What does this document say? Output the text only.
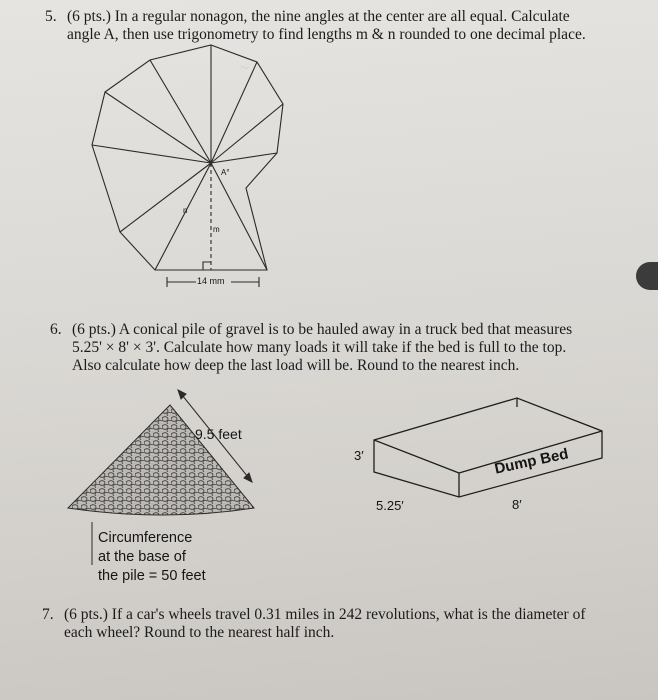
~
5. (6 pts.) In a regular nonagon, the nine angles at the center are all equal. Calculate
angle A, then use trigonometry to find lengths m & n rounded to one decimal place.
A°
m
n
14 mm
6. (6 pts.) A conical pile of gravel is to be hauled away in a truck bed that measures
5.25' × 8' × 3'. Calculate how many loads it will take if the bed is full to the top.
Also calculate how deep the last load will be. Round to the nearest inch.
9.5 feet
Circumference
at the base of
the pile = 50 feet
3′
5.25′	8′
Dump Bed
7. (6 pts.) If a car's wheels travel 0.31 miles in 242 revolutions, what is the diameter of
each wheel? Round to the nearest half inch.
